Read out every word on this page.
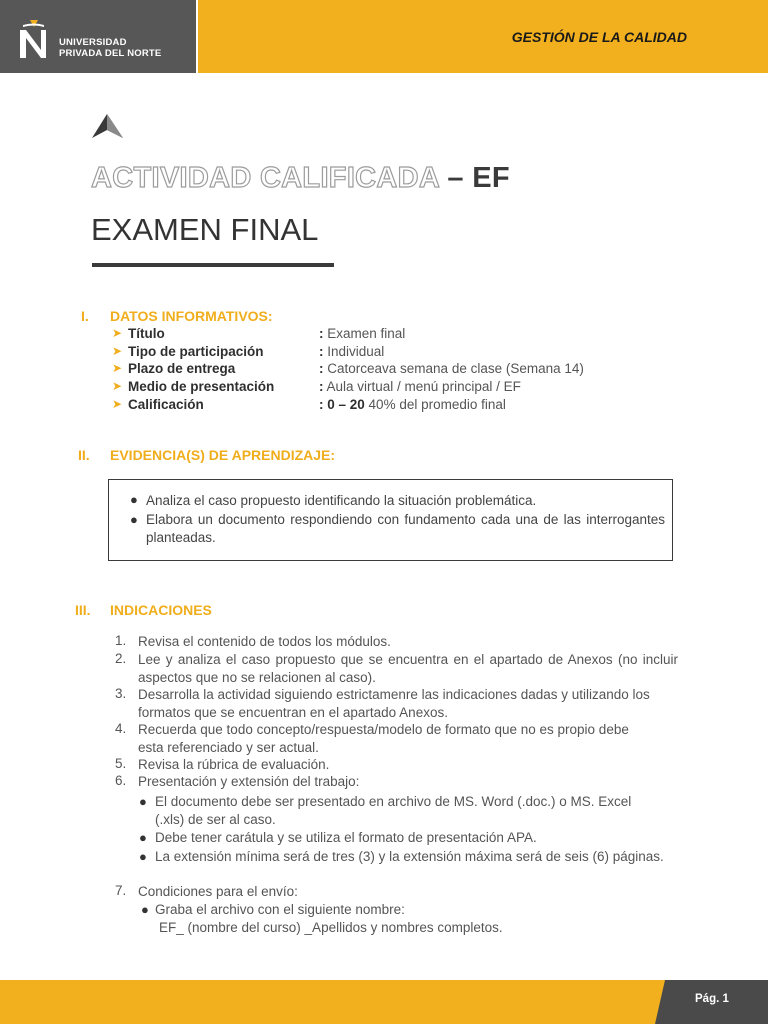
UNIVERSIDAD
PRIVADA DEL NORTE
GESTIÓN DE LA CALIDAD
ACTIVIDAD CALIFICADA – EF
EXAMEN FINAL
I. DATOS INFORMATIVOS:
➤ Título	: Examen final
➤ Tipo de participación	: Individual
➤ Plazo de entrega	: Catorceava semana de clase (Semana 14)
➤ Medio de presentación	: Aula virtual / menú principal / EF
➤ Calificación	: 0 – 20 40% del promedio final
II. EVIDENCIA(S) DE APRENDIZAJE:
● Analiza el caso propuesto identificando la situación problemática.
● Elabora un documento respondiendo con fundamento cada una de las interrogantes planteadas.
III. INDICACIONES
1. Revisa el contenido de todos los módulos.
2. Lee y analiza el caso propuesto que se encuentra en el apartado de Anexos (no incluir aspectos que no se relacionen al caso).
3. Desarrolla la actividad siguiendo estrictamenre las indicaciones dadas y utilizando los formatos que se encuentran en el apartado Anexos.
4. Recuerda que todo concepto/respuesta/modelo de formato que no es propio debe esta referenciado y ser actual.
5. Revisa la rúbrica de evaluación.
6. Presentación y extensión del trabajo:
● El documento debe ser presentado en archivo de MS. Word (.doc.) o MS. Excel (.xls) de ser al caso.
● Debe tener carátula y se utiliza el formato de presentación APA.
● La extensión mínima será de tres (3) y la extensión máxima será de seis (6) páginas.
7. Condiciones para el envío:
● Graba el archivo con el siguiente nombre:
EF_ (nombre del curso) _Apellidos y nombres completos.
Pág. 1
